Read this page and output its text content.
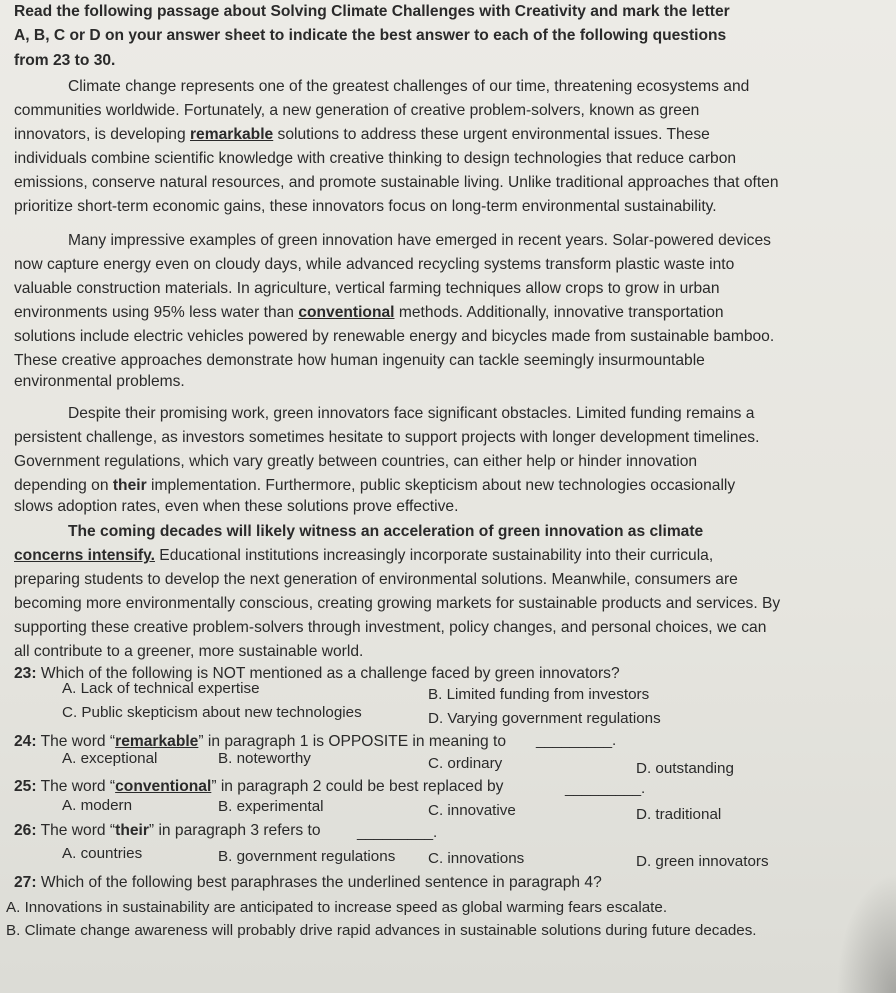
Read the following passage about Solving Climate Challenges with Creativity and mark the letter
A, B, C or D on your answer sheet to indicate the best answer to each of the following questions
from 23 to 30.
Climate change represents one of the greatest challenges of our time, threatening ecosystems and
communities worldwide. Fortunately, a new generation of creative problem-solvers, known as green
innovators, is developing remarkable solutions to address these urgent environmental issues. These
individuals combine scientific knowledge with creative thinking to design technologies that reduce carbon
emissions, conserve natural resources, and promote sustainable living. Unlike traditional approaches that often
prioritize short-term economic gains, these innovators focus on long-term environmental sustainability.
Many impressive examples of green innovation have emerged in recent years. Solar-powered devices
now capture energy even on cloudy days, while advanced recycling systems transform plastic waste into
valuable construction materials. In agriculture, vertical farming techniques allow crops to grow in urban
environments using 95% less water than conventional methods. Additionally, innovative transportation
solutions include electric vehicles powered by renewable energy and bicycles made from sustainable bamboo.
These creative approaches demonstrate how human ingenuity can tackle seemingly insurmountable
environmental problems.
Despite their promising work, green innovators face significant obstacles. Limited funding remains a
persistent challenge, as investors sometimes hesitate to support projects with longer development timelines.
Government regulations, which vary greatly between countries, can either help or hinder innovation
depending on their implementation. Furthermore, public skepticism about new technologies occasionally
slows adoption rates, even when these solutions prove effective.
The coming decades will likely witness an acceleration of green innovation as climate
concerns intensify. Educational institutions increasingly incorporate sustainability into their curricula,
preparing students to develop the next generation of environmental solutions. Meanwhile, consumers are
becoming more environmentally conscious, creating growing markets for sustainable products and services. By
supporting these creative problem-solvers through investment, policy changes, and personal choices, we can
all contribute to a greener, more sustainable world.
23: Which of the following is NOT mentioned as a challenge faced by green innovators?
A. Lack of technical expertise	B. Limited funding from investors
C. Public skepticism about new technologies	D. Varying government regulations
24: The word “remarkable” in paragraph 1 is OPPOSITE in meaning to _________.
A. exceptional	B. noteworthy	C. ordinary	D. outstanding
25: The word “conventional” in paragraph 2 could be best replaced by	_________.
A. modern	B. experimental	C. innovative	D. traditional
26: The word “their” in paragraph 3 refers to _________.
A. countries	B. government regulations C. innovations	D. green innovators
27: Which of the following best paraphrases the underlined sentence in paragraph 4?
A. Innovations in sustainability are anticipated to increase speed as global warming fears escalate.
B. Climate change awareness will probably drive rapid advances in sustainable solutions during future decades.
